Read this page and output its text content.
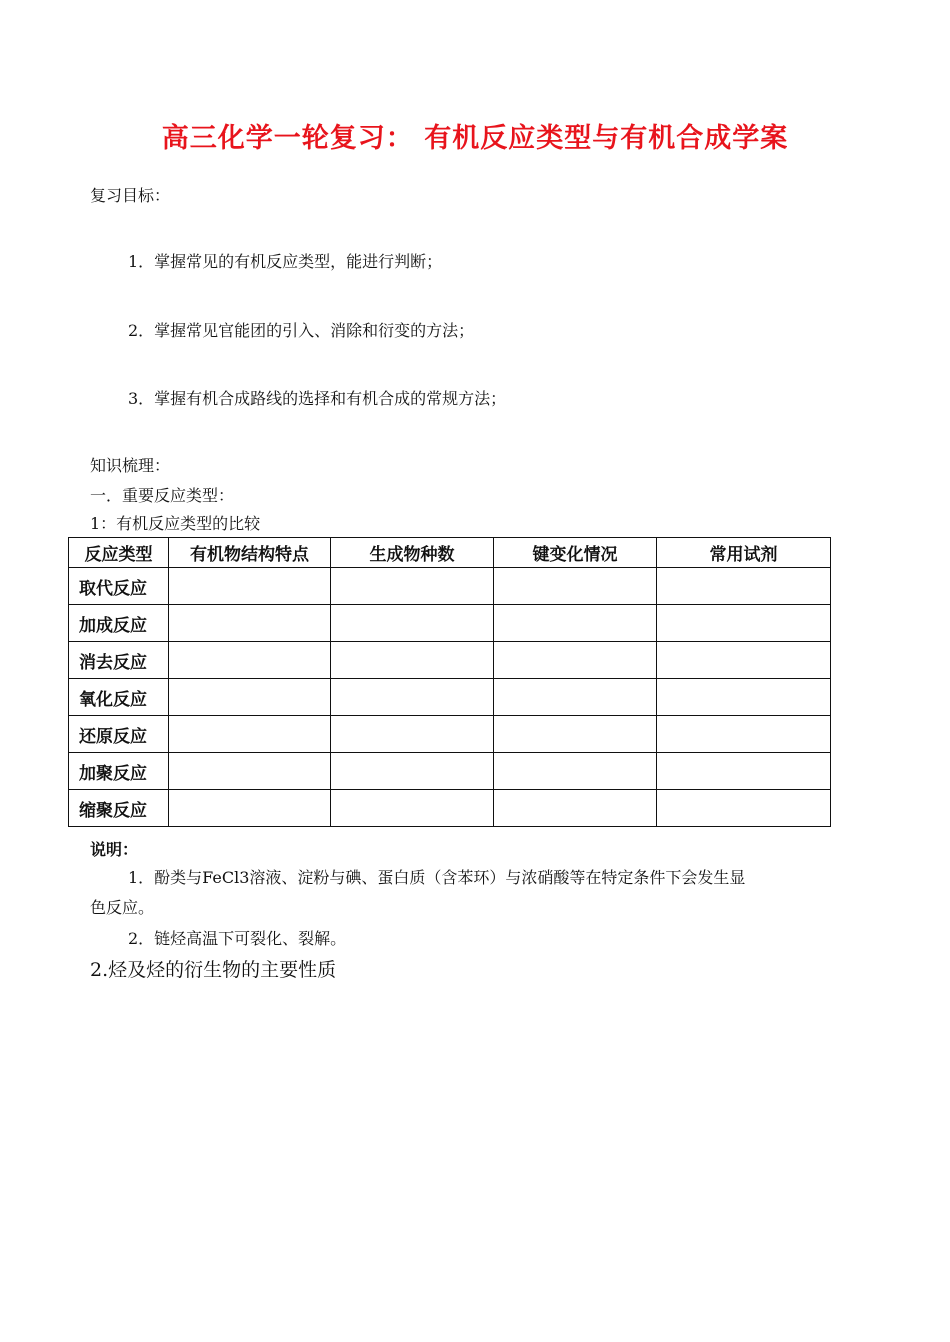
高三化学一轮复习： 有机反应类型与有机合成学案
复习目标：
1．掌握常见的有机反应类型，能进行判断；
2．掌握常见官能团的引入、消除和衍变的方法；
3．掌握有机合成路线的选择和有机合成的常规方法；
知识梳理：
一．重要反应类型：
1：有机反应类型的比较
反应类型	有机物结构特点	生成物种数	键变化情况	常用试剂
取代反应				
加成反应				
消去反应				
氧化反应				
还原反应				
加聚反应				
缩聚反应				
说明：
1．酚类与FeCl3溶液、淀粉与碘、蛋白质（含苯环）与浓硝酸等在特定条件下会发生显
色反应。
2．链烃高温下可裂化、裂解。
2.烃及烃的衍生物的主要性质
